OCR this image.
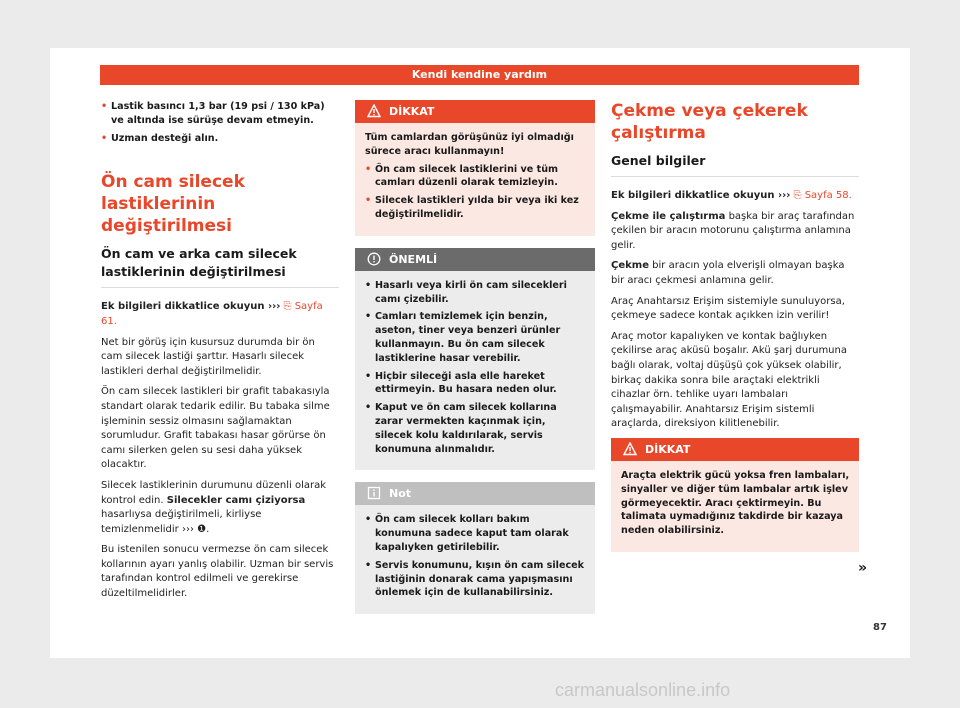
Kendi kendine yardım
• Lastik basıncı 1,3 bar (19 psi / 130 kPa) ve altında ise sürüşe devam etmeyin.
• Uzman desteği alın.
Ön cam silecek lastiklerinin değiştirilmesi
Ön cam ve arka cam silecek lastiklerinin değiştirilmesi
Ek bilgileri dikkatlice okuyun ››› ⎘ Sayfa 61.
Net bir görüş için kusursuz durumda bir ön cam silecek lastiği şarttır. Hasarlı silecek lastikleri derhal değiştirilmelidir.
Ön cam silecek lastikleri bir grafit tabakasıyla standart olarak tedarik edilir. Bu tabaka silme işleminin sessiz olmasını sağlamaktan sorumludur. Grafit tabakası hasar görürse ön camı silerken gelen su sesi daha yüksek olacaktır.
Silecek lastiklerinin durumunu düzenli olarak kontrol edin. Silecekler camı çiziyorsa hasarlıysa değiştirilmeli, kirliyse temizlenmelidir ››› ❶.
Bu istenilen sonucu vermezse ön cam silecek kollarının ayarı yanlış olabilir. Uzman bir servis tarafından kontrol edilmeli ve gerekirse düzeltilmelidirler.
DİKKAT
Tüm camlardan görüşünüz iyi olmadığı sürece aracı kullanmayın!
• Ön cam silecek lastiklerini ve tüm camları düzenli olarak temizleyin.
• Silecek lastikleri yılda bir veya iki kez değiştirilmelidir.
ÖNEMLİ
• Hasarlı veya kirli ön cam silecekleri camı çizebilir.
• Camları temizlemek için benzin, aseton, tiner veya benzeri ürünler kullanmayın. Bu ön cam silecek lastiklerine hasar verebilir.
• Hiçbir sileceği asla elle hareket ettirmeyin. Bu hasara neden olur.
• Kaput ve ön cam silecek kollarına zarar vermekten kaçınmak için, silecek kolu kaldırılarak, servis konumuna alınmalıdır.
Not
• Ön cam silecek kolları bakım konumuna sadece kaput tam olarak kapalıyken getirilebilir.
• Servis konumunu, kışın ön cam silecek lastiğinin donarak cama yapışmasını önlemek için de kullanabilirsiniz.
Çekme veya çekerek çalıştırma
Genel bilgiler
Ek bilgileri dikkatlice okuyun ››› ⎘ Sayfa 58.
Çekme ile çalıştırma başka bir araç tarafından çekilen bir aracın motorunu çalıştırma anlamına gelir.
Çekme bir aracın yola elverişli olmayan başka bir aracı çekmesi anlamına gelir.
Araç Anahtarsız Erişim sistemiyle sunuluyorsa, çekmeye sadece kontak açıkken izin verilir!
Araç motor kapalıyken ve kontak bağlıyken çekilirse araç aküsü boşalır. Akü şarj durumuna bağlı olarak, voltaj düşüşü çok yüksek olabilir, birkaç dakika sonra bile araçtaki elektrikli cihazlar örn. tehlike uyarı lambaları çalışmayabilir. Anahtarsız Erişim sistemli araçlarda, direksiyon kilitlenebilir.
DİKKAT
Araçta elektrik gücü yoksa fren lambaları, sinyaller ve diğer tüm lambalar artık işlev görmeyecektir. Aracı çektirmeyin. Bu talimata uymadığınız takdirde bir kazaya neden olabilirsiniz.
»
87
carmanualsonline.info
